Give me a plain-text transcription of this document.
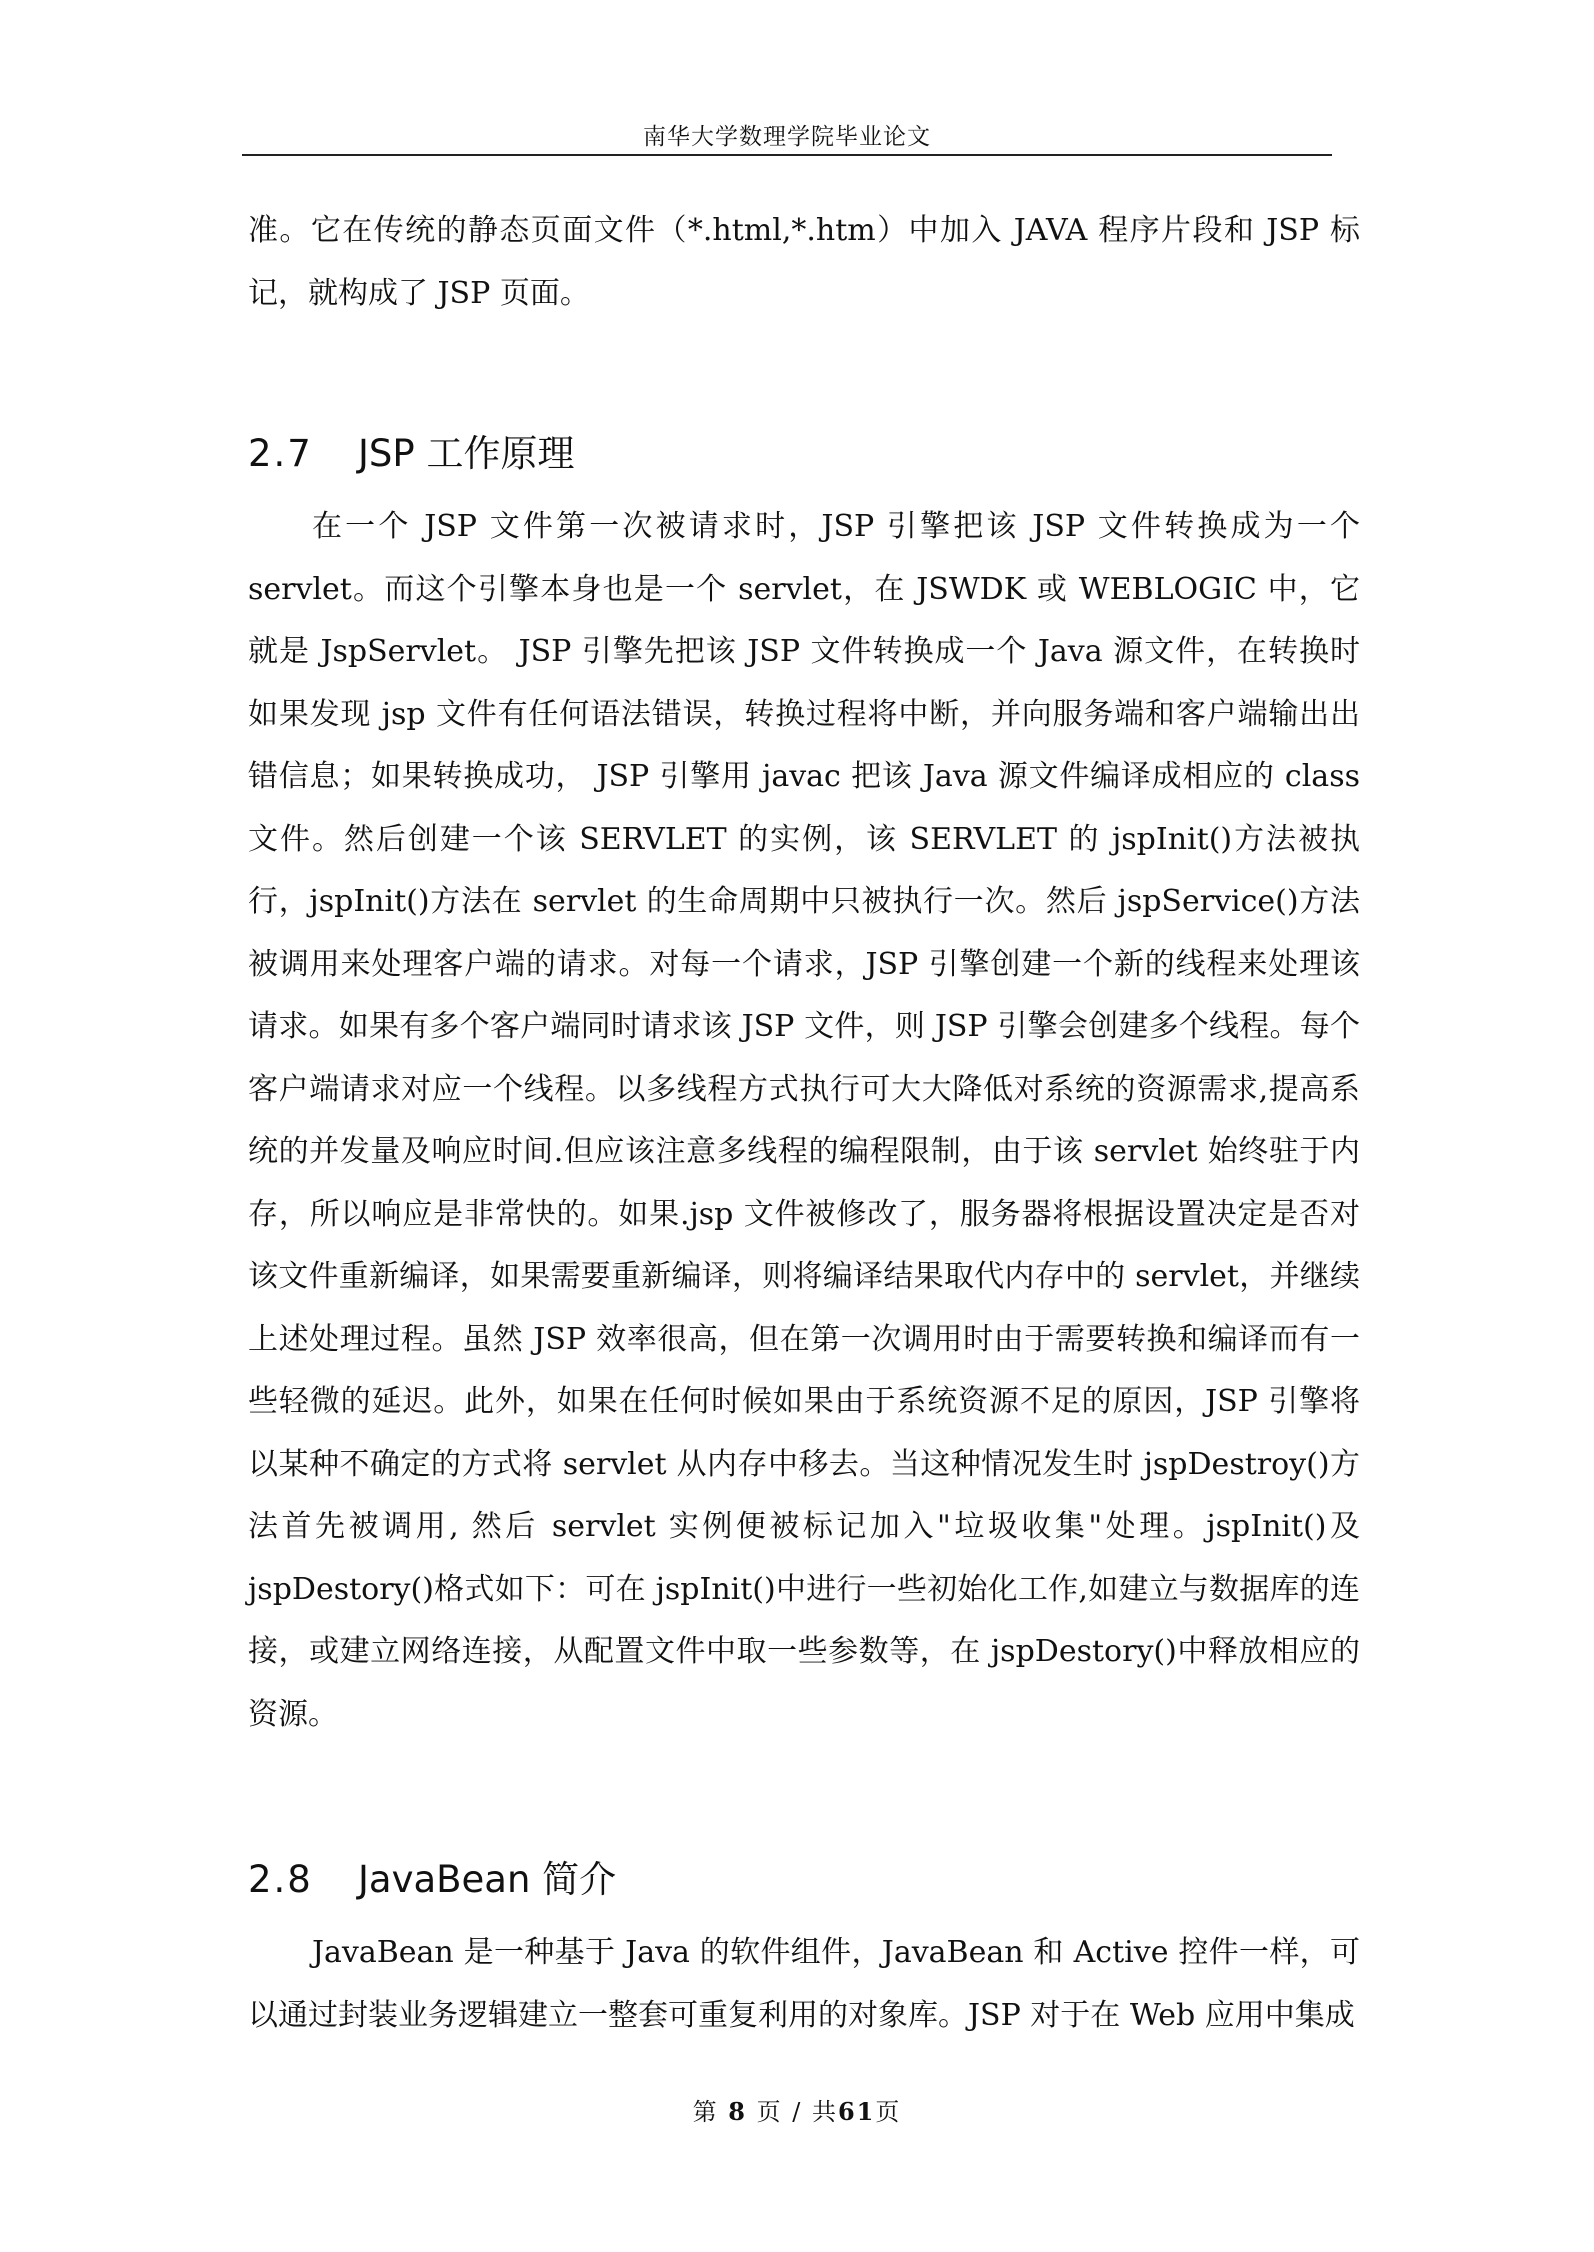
南华大学数理学院毕业论文

准。它在传统的静态页面文件（*.html,*.htm）中加入 JAVA 程序片段和 JSP 标记，就构成了 JSP 页面。

2.7	JSP 工作原理

在一个 JSP 文件第一次被请求时，JSP 引擎把该 JSP 文件转换成为一个 servlet。而这个引擎本身也是一个 servlet，在 JSWDK 或 WEBLOGIC 中，它就是 JspServlet。 JSP 引擎先把该 JSP 文件转换成一个 Java 源文件，在转换时如果发现 jsp 文件有任何语法错误，转换过程将中断，并向服务端和客户端输出出错信息；如果转换成功， JSP 引擎用 javac 把该 Java 源文件编译成相应的 class 文件。然后创建一个该 SERVLET 的实例，该 SERVLET 的 jspInit()方法被执行，jspInit()方法在 servlet 的生命周期中只被执行一次。然后 jspService()方法被调用来处理客户端的请求。对每一个请求，JSP 引擎创建一个新的线程来处理该请求。如果有多个客户端同时请求该 JSP 文件，则 JSP 引擎会创建多个线程。每个客户端请求对应一个线程。以多线程方式执行可大大降低对系统的资源需求,提高系统的并发量及响应时间.但应该注意多线程的编程限制，由于该 servlet 始终驻于内存，所以响应是非常快的。如果.jsp 文件被修改了，服务器将根据设置决定是否对该文件重新编译，如果需要重新编译，则将编译结果取代内存中的 servlet，并继续上述处理过程。虽然 JSP 效率很高，但在第一次调用时由于需要转换和编译而有一些轻微的延迟。此外，如果在任何时候如果由于系统资源不足的原因，JSP 引擎将以某种不确定的方式将 servlet 从内存中移去。当这种情况发生时 jspDestroy()方法首先被调用, 然后 servlet 实例便被标记加入"垃圾收集"处理。jspInit()及 jspDestory()格式如下：可在 jspInit()中进行一些初始化工作,如建立与数据库的连接，或建立网络连接，从配置文件中取一些参数等，在 jspDestory()中释放相应的资源。

2.8	JavaBean 简介

JavaBean 是一种基于 Java 的软件组件，JavaBean 和 Active 控件一样，可以通过封装业务逻辑建立一整套可重复利用的对象库。JSP 对于在 Web 应用中集成

第 8 页 / 共61页
